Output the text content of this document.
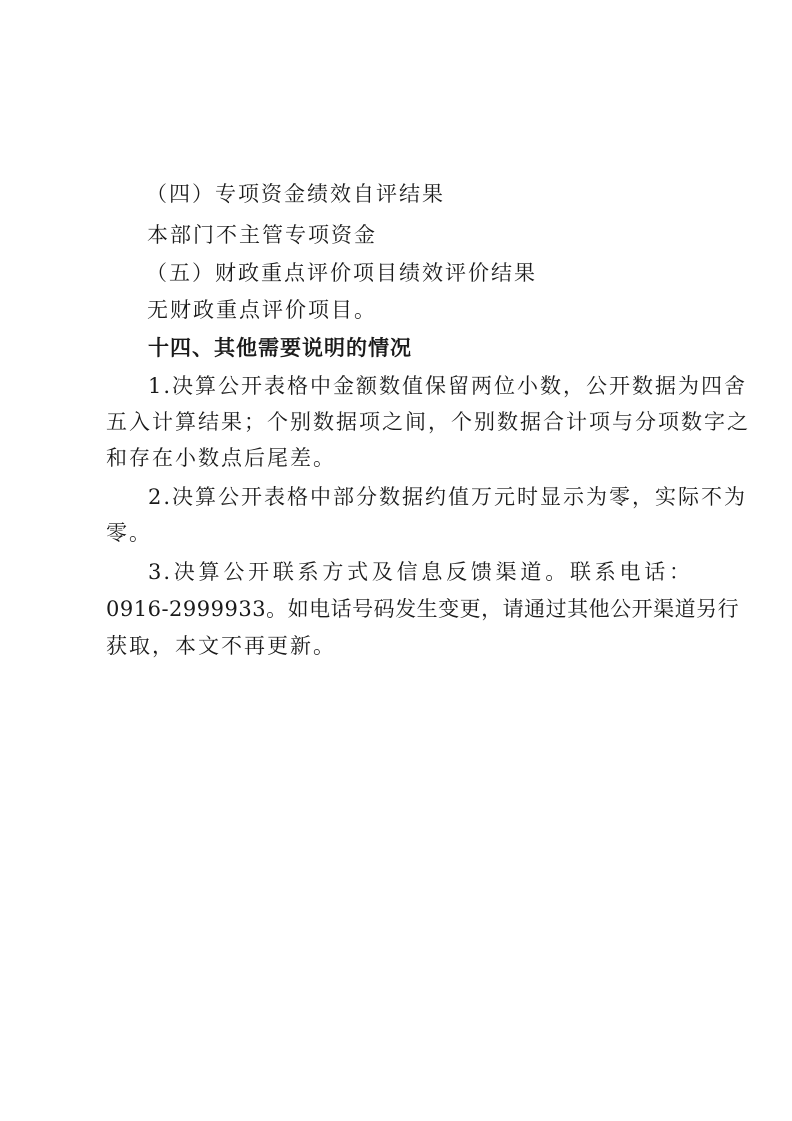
（四）专项资金绩效自评结果
本部门不主管专项资金
（五）财政重点评价项目绩效评价结果
无财政重点评价项目。
十四、其他需要说明的情况
1.决算公开表格中金额数值保留两位小数，公开数据为四舍
五入计算结果；个别数据项之间，个别数据合计项与分项数字之
和存在小数点后尾差。
2.决算公开表格中部分数据约值万元时显示为零，实际不为
零。
3.决算公开联系方式及信息反馈渠道。联系电话：
0916-2999933。如电话号码发生变更，请通过其他公开渠道另行
获取，本文不再更新。
